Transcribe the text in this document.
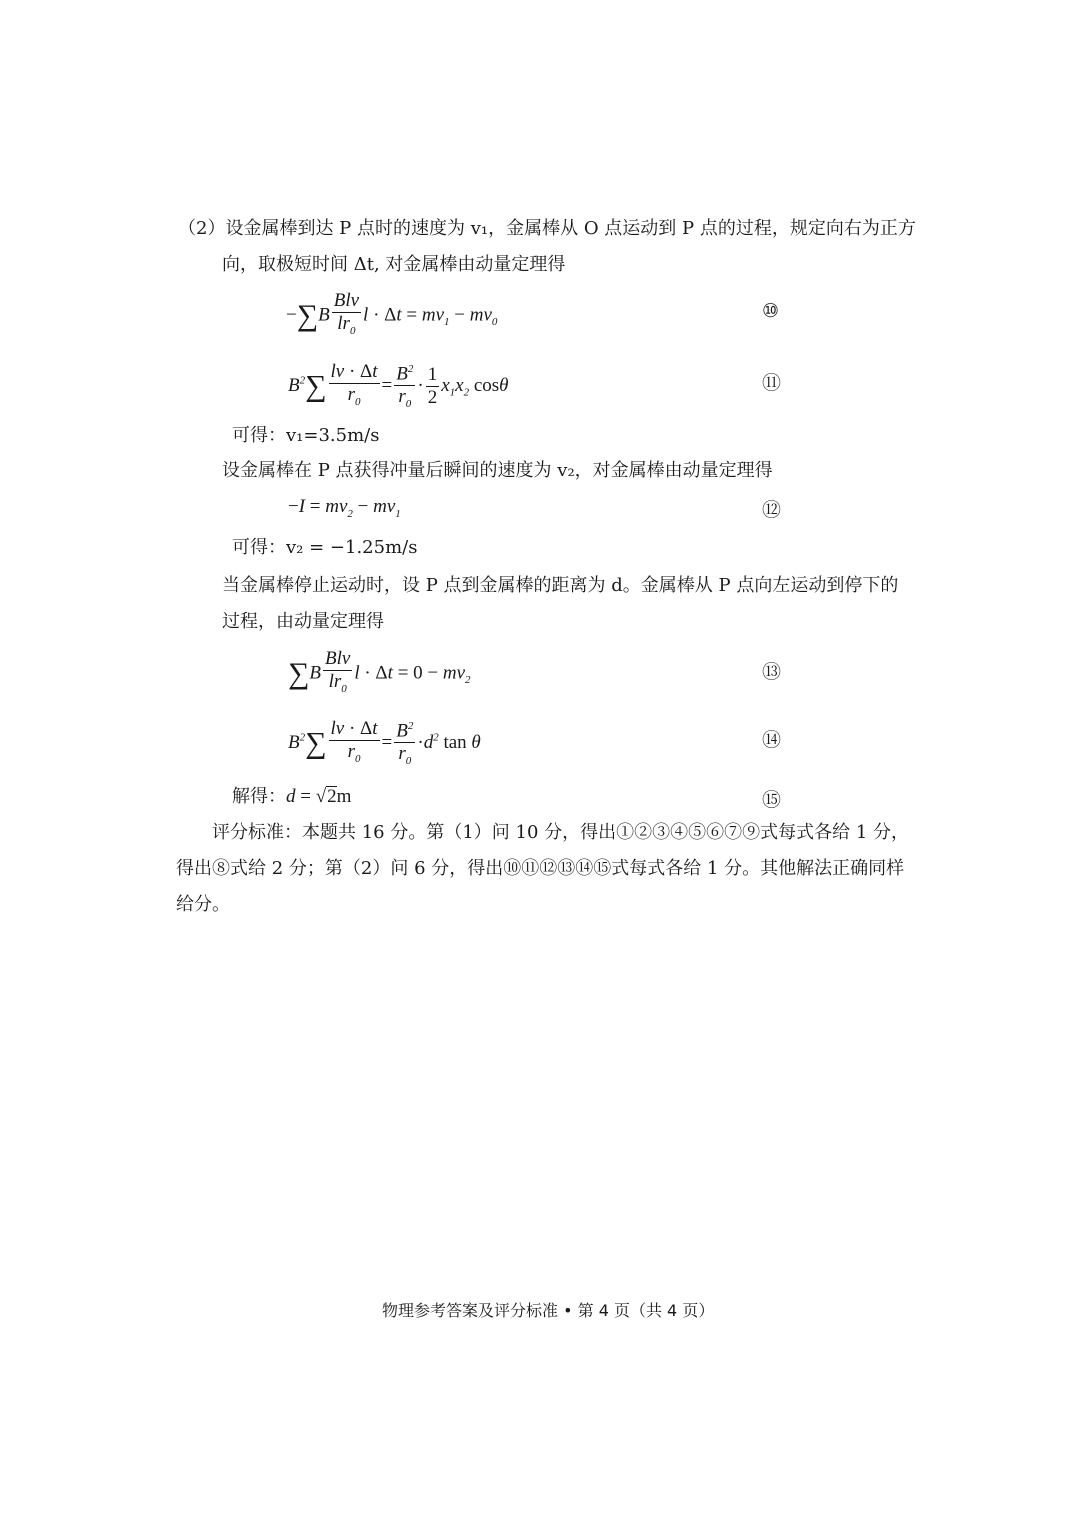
（2）设金属棒到达 P 点时的速度为 v₁，金属棒从 O 点运动到 P 点的过程，规定向右为正方
向，取极短时间 Δt, 对金属棒由动量定理得
$-\sum B \frac{\text{Blv}}{lr_0}$ $l \cdot \Delta t = mv_1 - mv_0$
⑩
$B^2\sum \frac{lv \cdot \Delta t}{r_0} = \frac{B^2}{r_0} \cdot \frac{1}{2} x_1x_2$ cosθ	⑪
可得：v₁=3.5m/s
设金属棒在 P 点获得冲量后瞬间的速度为 v₂，对金属棒由动量定理得
$-I = mv_2 - mv_1$	⑫
可得：v₂ = −1.25m/s
当金属棒停止运动时，设 P 点到金属棒的距离为 d。金属棒从 P 点向左运动到停下的
过程，由动量定理得
$\sum B \frac{\text{Blv}}{lr_0}$ $l \cdot \Delta t = 0 - mv_2$	⑬
$B^2\sum \frac{lv \cdot \Delta t}{r_0} = \frac{B^2}{r_0} \cdot d^2$ tan θ	⑭
解得：d = √2m	⑮
评分标准：本题共 16 分。第（1）问 10 分，得出①②③④⑤⑥⑦⑨式每式各给 1 分，
得出⑧式给 2 分；第（2）问 6 分，得出⑩⑪⑫⑬⑭⑮式每式各给 1 分。其他解法正确同样
给分。
物理参考答案及评分标准 • 第 4 页（共 4 页）
